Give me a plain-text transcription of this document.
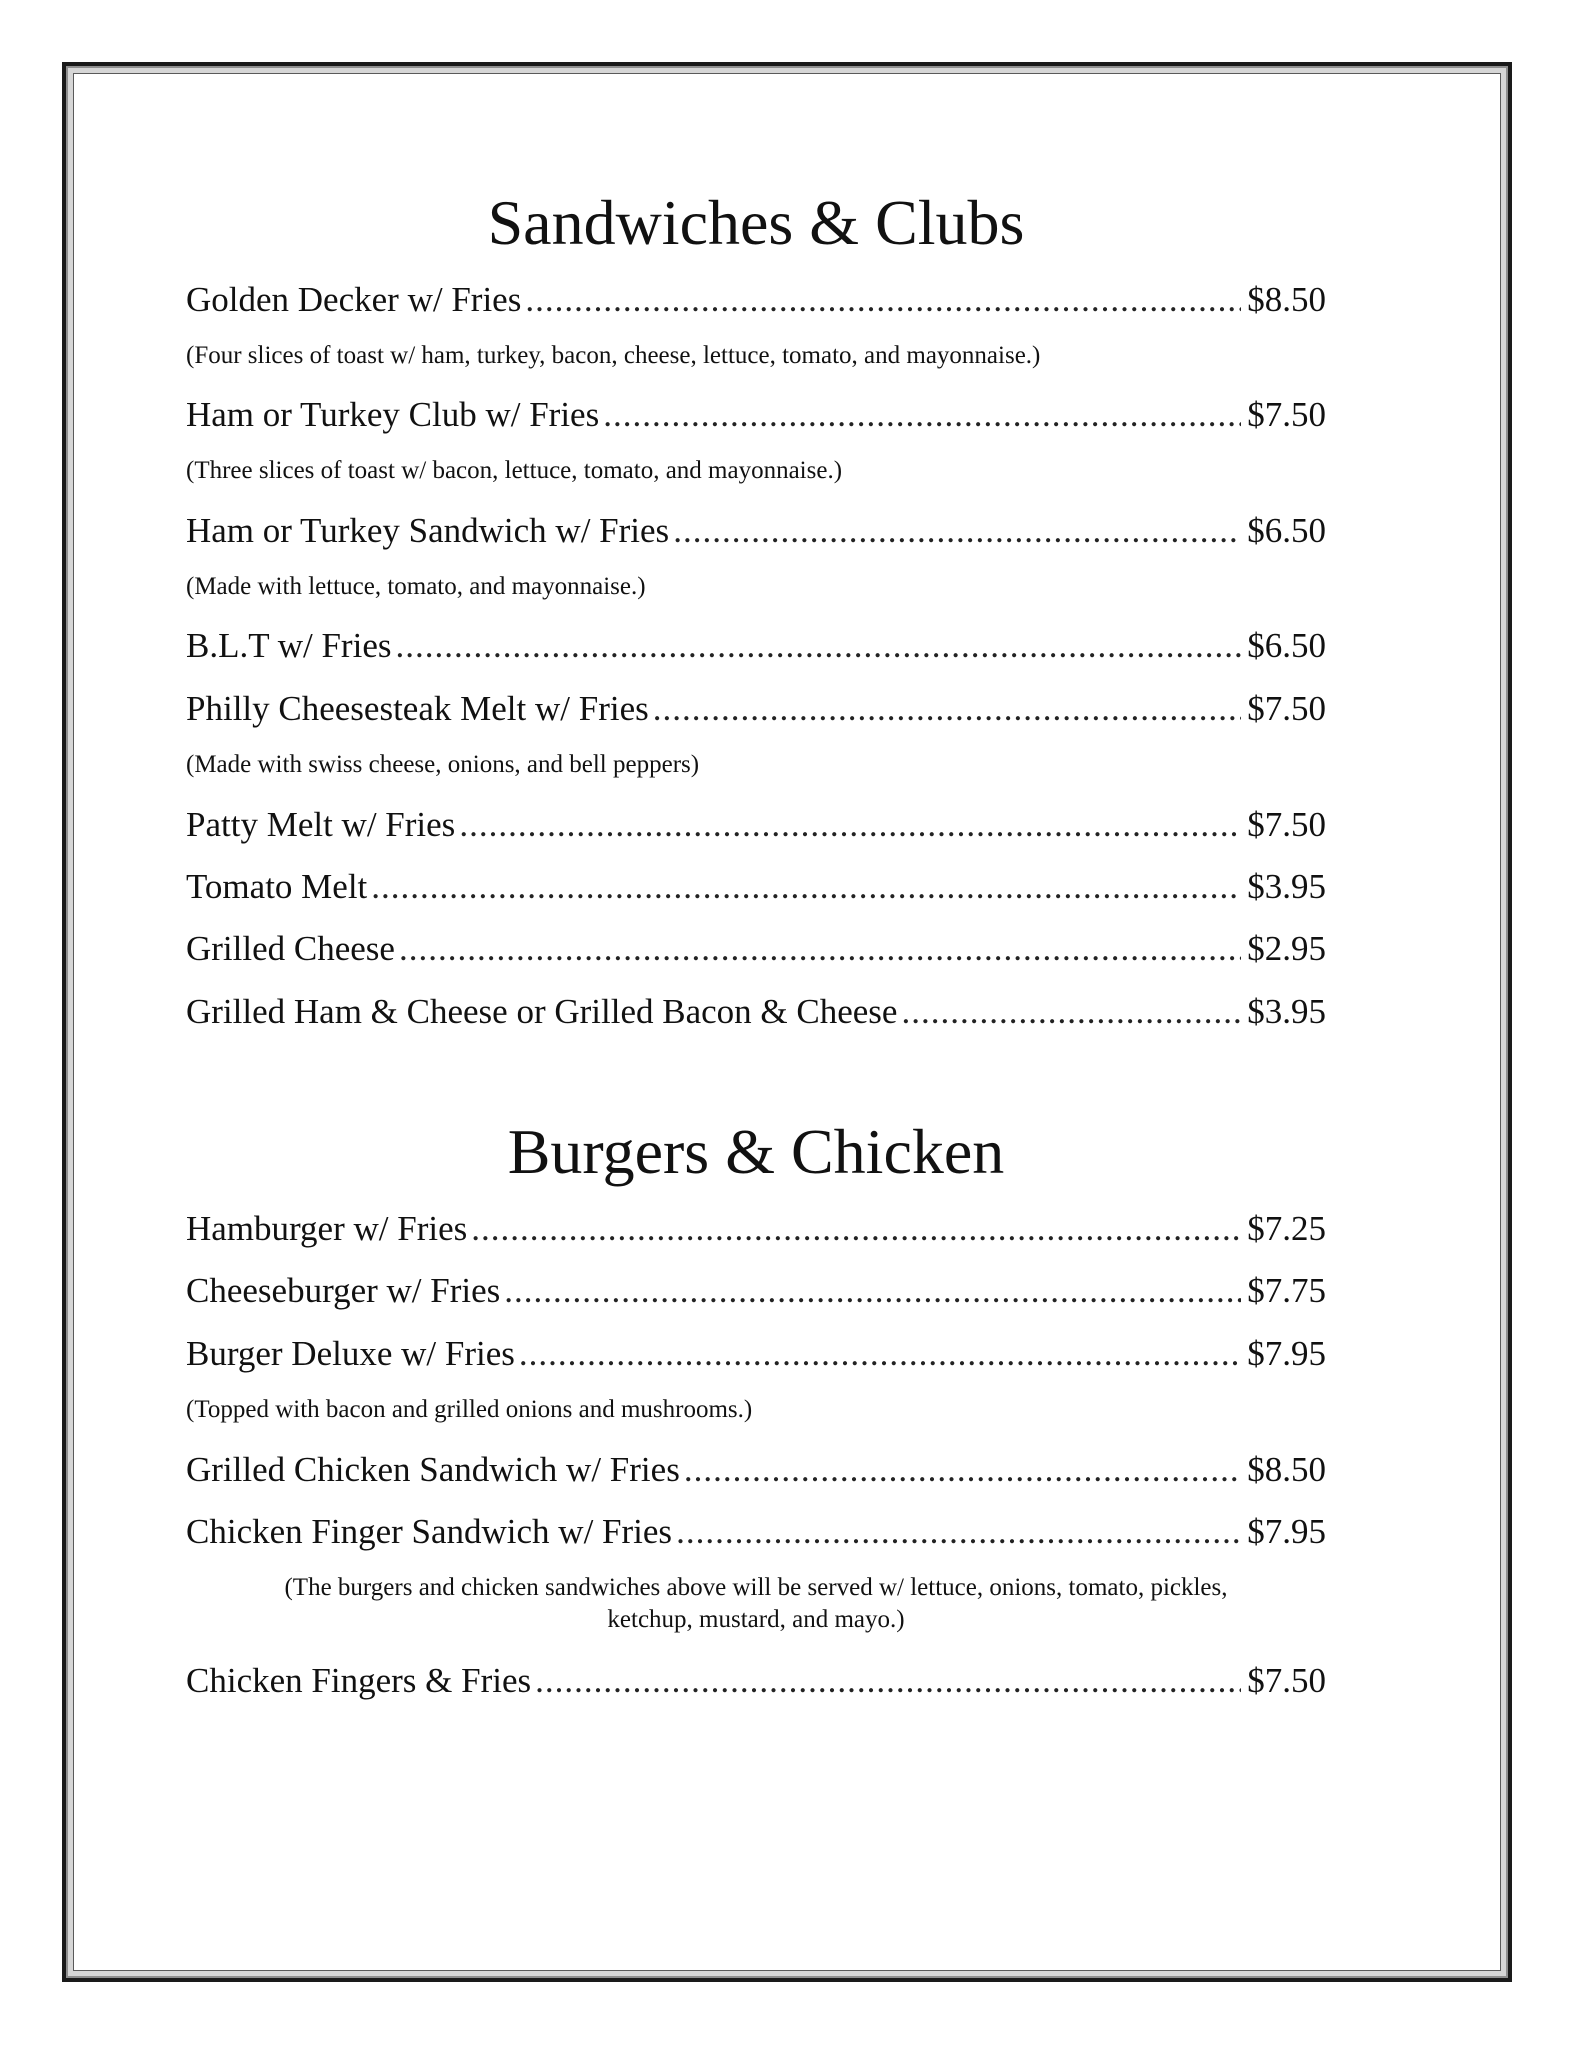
Sandwiches & Clubs
Golden Decker w/ Fries .....	$8.50
(Four slices of toast w/ ham, turkey, bacon, cheese, lettuce, tomato, and mayonnaise.)
Ham or Turkey Club w/ Fries .....	$7.50
(Three slices of toast w/ bacon, lettuce, tomato, and mayonnaise.)
Ham or Turkey Sandwich w/ Fries .....	$6.50
(Made with lettuce, tomato, and mayonnaise.)
B.L.T w/ Fries .....	$6.50
Philly Cheesesteak Melt w/ Fries .....	$7.50
(Made with swiss cheese, onions, and bell peppers)
Patty Melt w/ Fries .....	$7.50
Tomato Melt .....	$3.95
Grilled Cheese .....	$2.95
Grilled Ham & Cheese or Grilled Bacon & Cheese .....	$3.95
Burgers & Chicken
Hamburger w/ Fries .....	$7.25
Cheeseburger w/ Fries .....	$7.75
Burger Deluxe w/ Fries .....	$7.95
(Topped with bacon and grilled onions and mushrooms.)
Grilled Chicken Sandwich w/ Fries .....	$8.50
Chicken Finger Sandwich w/ Fries .....	$7.95
(The burgers and chicken sandwiches above will be served w/ lettuce, onions, tomato, pickles,
ketchup, mustard, and mayo.)
Chicken Fingers & Fries .....	$7.50
